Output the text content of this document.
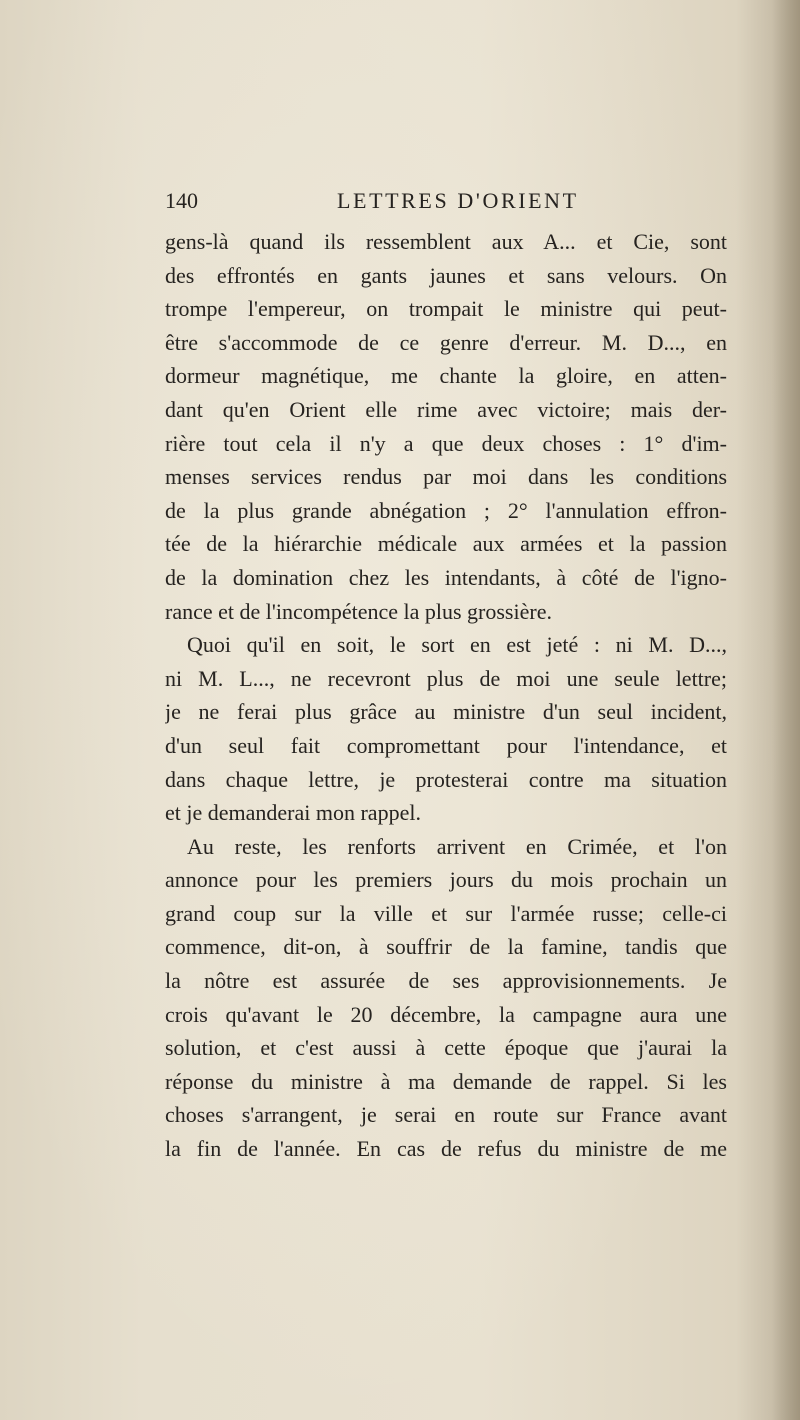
140	LETTRES D'ORIENT
gens-là quand ils ressemblent aux A... et Cie, sont
des effrontés en gants jaunes et sans velours. On
trompe l'empereur, on trompait le ministre qui peut-
être s'accommode de ce genre d'erreur. M. D..., en
dormeur magnétique, me chante la gloire, en atten-
dant qu'en Orient elle rime avec victoire; mais der-
rière tout cela il n'y a que deux choses : 1° d'im-
menses services rendus par moi dans les conditions
de la plus grande abnégation ; 2° l'annulation effron-
tée de la hiérarchie médicale aux armées et la passion
de la domination chez les intendants, à côté de l'igno-
rance et de l'incompétence la plus grossière.
Quoi qu'il en soit, le sort en est jeté : ni M. D...,
ni M. L..., ne recevront plus de moi une seule lettre;
je ne ferai plus grâce au ministre d'un seul incident,
d'un seul fait compromettant pour l'intendance, et
dans chaque lettre, je protesterai contre ma situation
et je demanderai mon rappel.
Au reste, les renforts arrivent en Crimée, et l'on
annonce pour les premiers jours du mois prochain un
grand coup sur la ville et sur l'armée russe; celle-ci
commence, dit-on, à souffrir de la famine, tandis que
la nôtre est assurée de ses approvisionnements. Je
crois qu'avant le 20 décembre, la campagne aura une
solution, et c'est aussi à cette époque que j'aurai la
réponse du ministre à ma demande de rappel. Si les
choses s'arrangent, je serai en route sur France avant
la fin de l'année. En cas de refus du ministre de me
